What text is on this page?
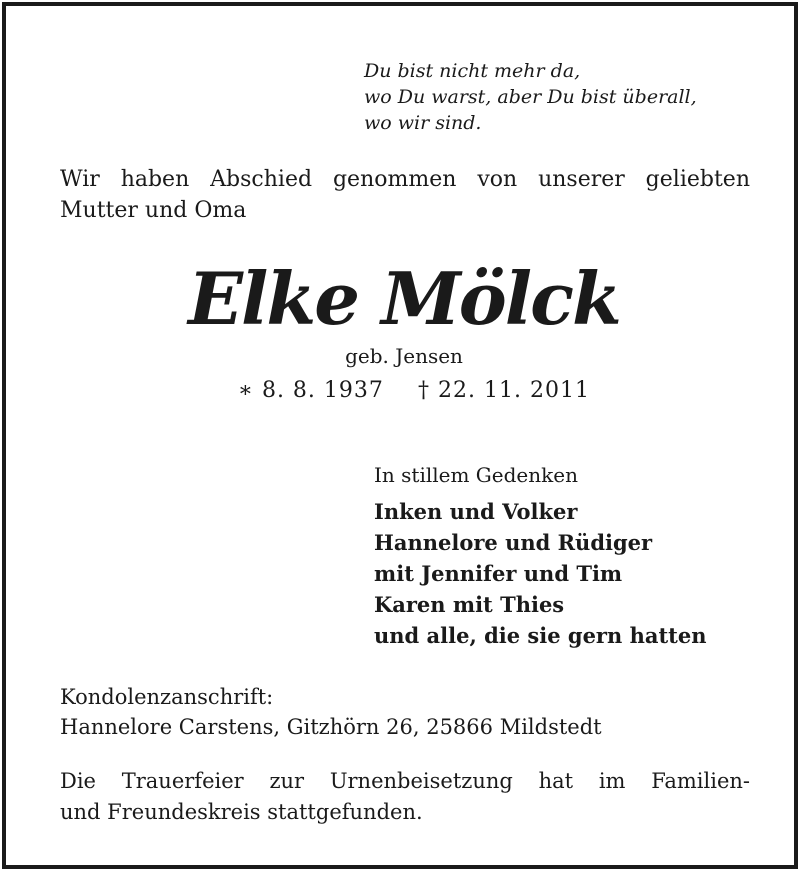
Du bist nicht mehr da,
wo Du warst, aber Du bist überall,
wo wir sind.
Wir haben Abschied genommen von unserer geliebten
Mutter und Oma
Elke Mölck
geb. Jensen
∗ 8. 8. 1937 † 22. 11. 2011
In stillem Gedenken
Inken und Volker
Hannelore und Rüdiger
mit Jennifer und Tim
Karen mit Thies
und alle, die sie gern hatten
Kondolenzanschrift:
Hannelore Carstens, Gitzhörn 26, 25866 Mildstedt
Die Trauerfeier zur Urnenbeisetzung hat im Familien-
und Freundeskreis stattgefunden.
